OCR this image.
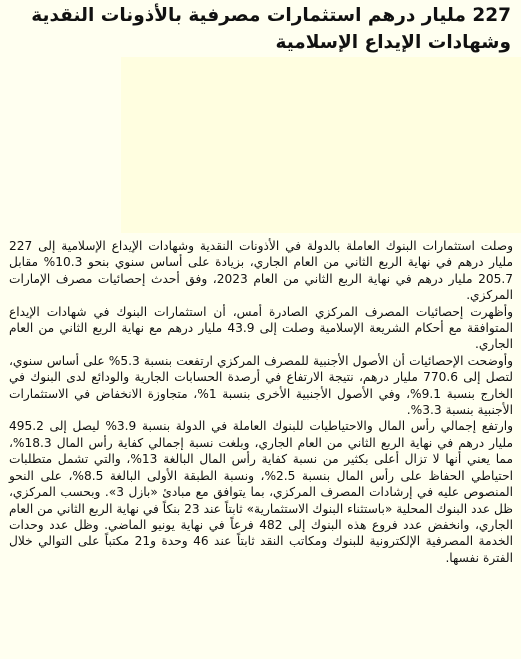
227 مليار درهم استثمارات مصرفية بالأذونات النقدية وشهادات الإيداع الإسلامية

وصلت استثمارات البنوك العاملة بالدولة في الأذونات النقدية وشهادات الإيداع الإسلامية إلى 227 مليار درهم في نهاية الربع الثاني من العام الجاري، بزيادة على أساس سنوي بنحو 10.3% مقابل 205.7 مليار درهم في نهاية الربع الثاني من العام 2023، وفق أحدث إحصائيات مصرف الإمارات المركزي.

وأظهرت إحصائيات المصرف المركزي الصادرة أمس، أن استثمارات البنوك في شهادات الإيداع المتوافقة مع أحكام الشريعة الإسلامية وصلت إلى 43.9 مليار درهم مع نهاية الربع الثاني من العام الجاري.

وأوضحت الإحصائيات أن الأصول الأجنبية للمصرف المركزي ارتفعت بنسبة 5.3% على أساس سنوي، لتصل إلى 770.6 مليار درهم، نتيجة الارتفاع في أرصدة الحسابات الجارية والودائع لدى البنوك في الخارج بنسبة 9.1%، وفي الأصول الأجنبية الأخرى بنسبة 1%، متجاوزة الانخفاض في الاستثمارات الأجنبية بنسبة 3.3%.

وارتفع إجمالي رأس المال والاحتياطيات للبنوك العاملة في الدولة بنسبة 3.9% ليصل إلى 495.2 مليار درهم في نهاية الربع الثاني من العام الجاري، وبلغت نسبة إجمالي كفاية رأس المال 18.3%، مما يعني أنها لا تزال أعلى بكثير من نسبة كفاية رأس المال البالغة 13%، والتي تشمل متطلبات احتياطي الحفاظ على رأس المال بنسبة 2.5%، ونسبة الطبقة الأولى البالغة 8.5%، على النحو المنصوص عليه في إرشادات المصرف المركزي، بما يتوافق مع مبادئ «بازل 3». وبحسب المركزي، ظل عدد البنوك المحلية «باستثناء البنوك الاستثمارية» ثابتاً عند 23 بنكاً في نهاية الربع الثاني من العام الجاري، وانخفض عدد فروع هذه البنوك إلى 482 فرعاً في نهاية يونيو الماضي. وظل عدد وحدات الخدمة المصرفية الإلكترونية للبنوك ومكاتب النقد ثابتاً عند 46 وحدة و21 مكتباً على التوالي خلال الفترة نفسها.
